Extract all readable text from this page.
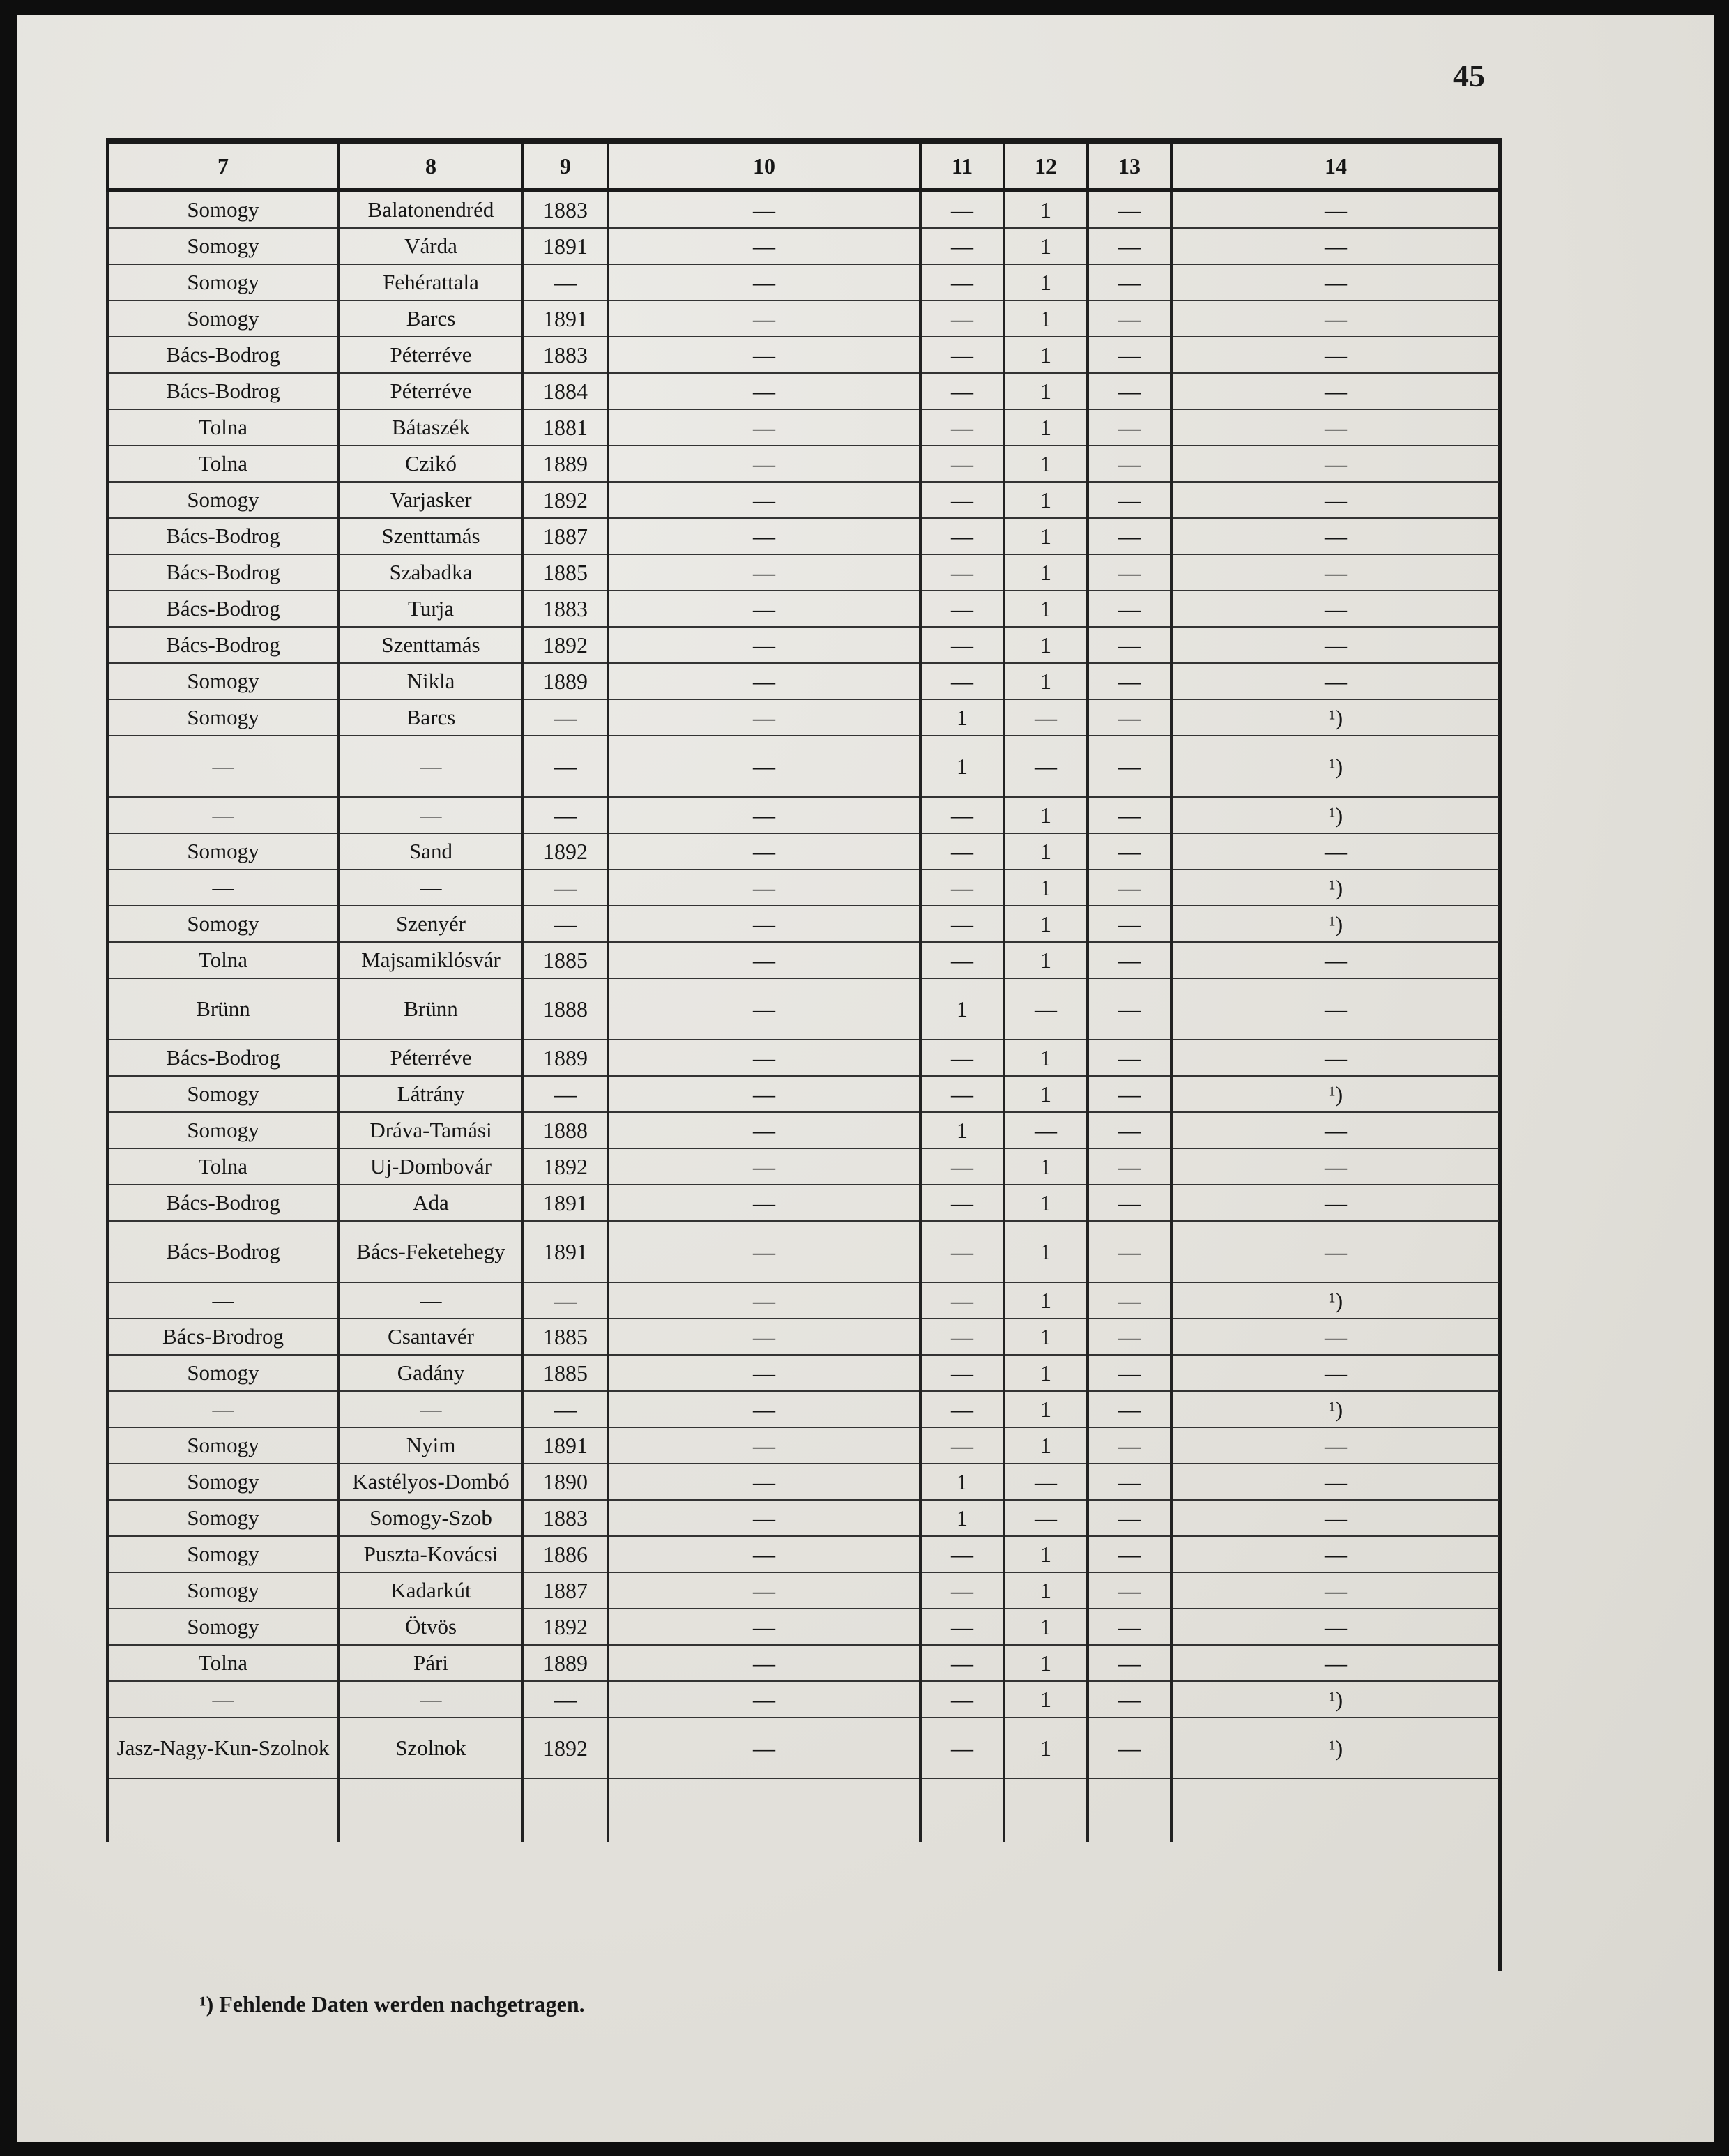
45
7	8	9	10	11	12	13	14
Somogy	Balatonendréd	1883	—	—	1	—	—
Somogy	Várda	1891	—	—	1	—	—
Somogy	Fehérattala	—	—	—	1	—	—
Somogy	Barcs	1891	—	—	1	—	—
Bács-Bodrog	Péterréve	1883	—	—	1	—	—
Bács-Bodrog	Péterréve	1884	—	—	1	—	—
Tolna	Bátaszék	1881	—	—	1	—	—
Tolna	Czikó	1889	—	—	1	—	—
Somogy	Varjasker	1892	—	—	1	—	—
Bács-Bodrog	Szenttamás	1887	—	—	1	—	—
Bács-Bodrog	Szabadka	1885	—	—	1	—	—
Bács-Bodrog	Turja	1883	—	—	1	—	—
Bács-Bodrog	Szenttamás	1892	—	—	1	—	—
Somogy	Nikla	1889	—	—	1	—	—
Somogy	Barcs	—	—	1	—	—	¹)
—	—	—	—	1	—	—	¹)
—	—	—	—	—	1	—	¹)
Somogy	Sand	1892	—	—	1	—	—
—	—	—	—	—	1	—	¹)
Somogy	Szenyér	—	—	—	1	—	¹)
Tolna	Majsamiklósvár	1885	—	—	1	—	—
Brünn	Brünn	1888	—	1	—	—	—
Bács-Bodrog	Péterréve	1889	—	—	1	—	—
Somogy	Látrány	—	—	—	1	—	¹)
Somogy	Dráva-Tamási	1888	—	1	—	—	—
Tolna	Uj-Dombovár	1892	—	—	1	—	—
Bács-Bodrog	Ada	1891	—	—	1	—	—
Bács-Bodrog	Bács-Feketehegy	1891	—	—	1	—	—
—	—	—	—	—	1	—	¹)
Bács-Brodrog	Csantavér	1885	—	—	1	—	—
Somogy	Gadány	1885	—	—	1	—	—
—	—	—	—	—	1	—	¹)
Somogy	Nyim	1891	—	—	1	—	—
Somogy	Kastélyos-Dombó	1890	—	1	—	—	—
Somogy	Somogy-Szob	1883	—	1	—	—	—
Somogy	Puszta-Kovácsi	1886	—	—	1	—	—
Somogy	Kadarkút	1887	—	—	1	—	—
Somogy	Ötvös	1892	—	—	1	—	—
Tolna	Pári	1889	—	—	1	—	—
—	—	—	—	—	1	—	¹)
Jasz-Nagy-Kun-Szolnok	Szolnok	1892	—	—	1	—	¹)

¹) Fehlende Daten werden nachgetragen.
